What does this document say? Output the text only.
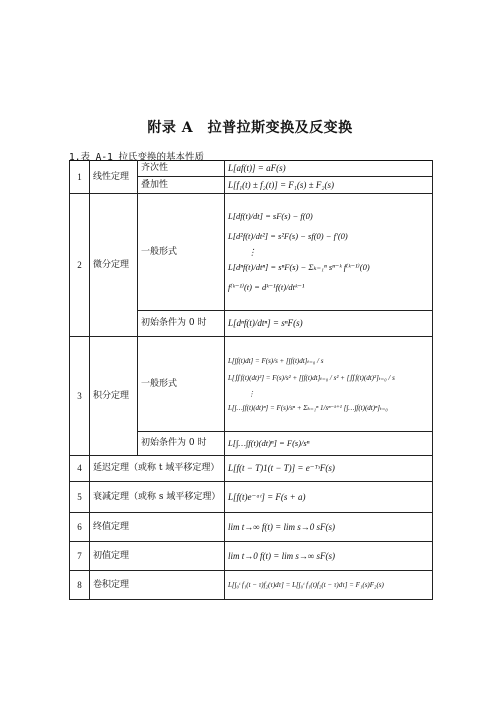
附录 A　拉普拉斯变换及反变换
1.表 A-1 拉氏变换的基本性质
1	线性定理	齐次性	L[af(t)] = aF(s)
		叠加性	L[f₁(t) ± f₂(t)] = F₁(s) ± F₂(s)
2	微分定理	一般形式	L[df(t)/dt] = sF(s) − f(0)
L[d²f(t)/dt²] = s²F(s) − sf(0) − f′(0)
⋮
L[dⁿf(t)/dtⁿ] = sⁿF(s) − Σₖ₌₁ⁿ sⁿ⁻ᵏ f⁽ᵏ⁻¹⁾(0)
f⁽ᵏ⁻¹⁾(t) = dᵏ⁻¹f(t)/dtᵏ⁻¹

		初始条件为 0 时	L[dⁿf(t)/dtⁿ] = sⁿF(s)
3	积分定理	一般形式	L[∫f(t)dt] = F(s)/s + [∫f(t)dt]ₜ₌₀ / s
L[∬f(t)(dt)²] = F(s)/s² + [∫f(t)dt]ₜ₌₀ / s² + [∬f(t)(dt)²]ₜ₌₀ / s
⋮
L[∫…∫f(t)(dt)ⁿ] = F(s)/sⁿ + Σₖ₌₁ⁿ 1/sⁿ⁻ᵏ⁺¹ [∫…∫f(t)(dt)ⁿ]ₜ₌₀

		初始条件为 0 时	L[∫…∫f(t)(dt)ⁿ] = F(s)/sⁿ
4	延迟定理（或称 t 域平移定理）		L[f(t − T)1(t − T)] = e⁻ᵀˢF(s)
5	衰减定理（或称 s 域平移定理）		L[f(t)e⁻ᵃᵗ] = F(s + a)
6	终值定理		lim t→∞ f(t) = lim s→0 sF(s)
7	初值定理		lim t→0 f(t) = lim s→∞ sF(s)
8	卷积定理		L[∫₀ᵗ f₁(t − τ)f₂(τ)dτ] = L[∫₀ᵗ f₁(t)f₂(t − τ)dτ] = F₁(s)F₂(s)
